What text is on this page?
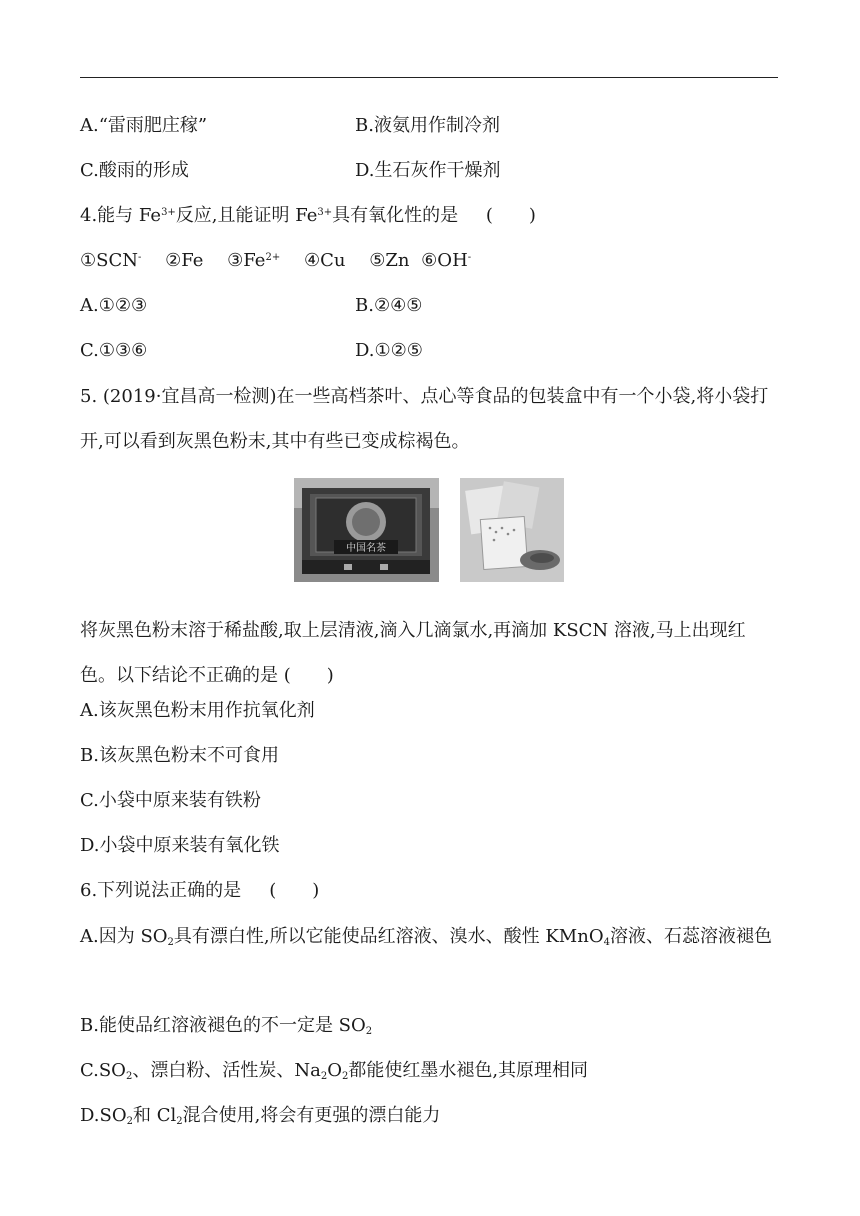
A.“雷雨肥庄稼”	B.液氨用作制冷剂
C.酸雨的形成	D.生石灰作干燥剂
4.能与 $Fe^{3+}$反应,且能证明 $Fe^{3+}$具有氧化性的是 (　　)
①SCN- ②Fe $③Fe^{2+}$ ④Cu ⑤Zn ⑥OH-
A.①②③	B.②④⑤
C.①③⑥	D.①②⑤
5. (2019·宜昌高一检测)在一些高档茶叶、点心等食品的包装盒中有一个小袋,将小袋打开,可以看到灰黑色粉末,其中有些已变成棕褐色。
中国名茶
将灰黑色粉末溶于稀盐酸,取上层清液,滴入几滴氯水,再滴加 KSCN 溶液,马上出现红色。以下结论不正确的是 (　　)
A.该灰黑色粉末用作抗氧化剂
B.该灰黑色粉末不可食用
C.小袋中原来装有铁粉
D.小袋中原来装有氧化铁
6.下列说法正确的是 (　　)
A.因为 $SO_2$具有漂白性,所以它能使品红溶液、溴水、酸性 KMnO$_4$溶液、石蕊溶液褪色
B.能使品红溶液褪色的不一定是 $SO_2$
$C.SO_2$、漂白粉、活性炭、$Na_2O_2$都能使红墨水褪色,其原理相同
$D.SO_2$和 $Cl_2$混合使用,将会有更强的漂白能力
